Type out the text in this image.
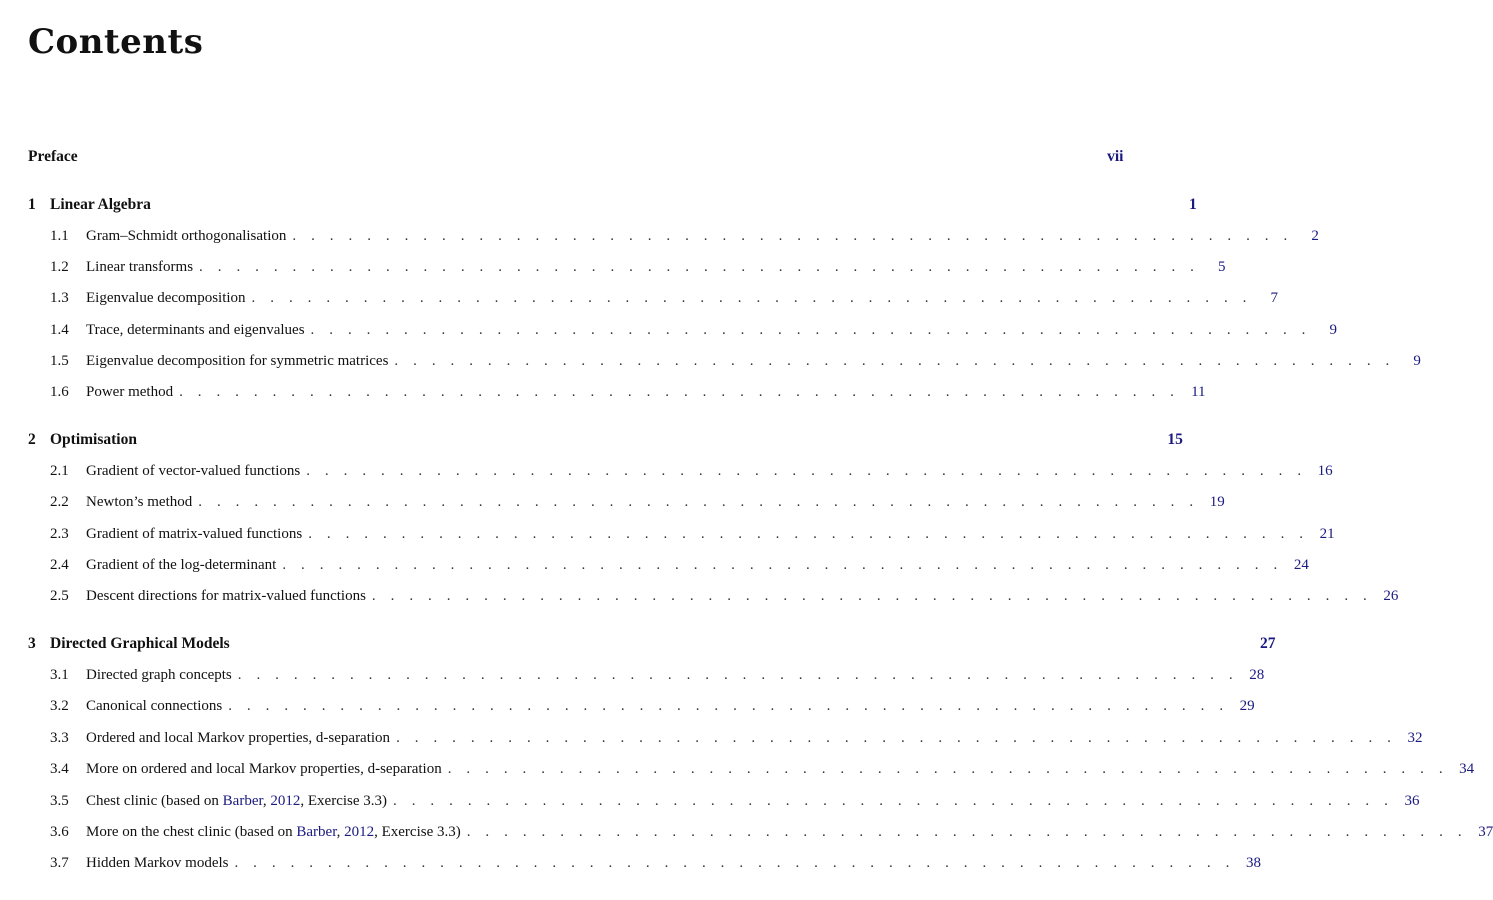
Contents
Preface	vii
1 Linear Algebra	1
1.1	Gram–Schmidt orthogonalisation . . . . . . . . . . . . . . . . . . . . . . . . . . . . . . . . . . . . . . . . . . . . . . . . . . . . . .	2
1.2	Linear transforms . . . . . . . . . . . . . . . . . . . . . . . . . . . . . . . . . . . . . . . . . . . . . . . . . . . . . .	5
1.3	Eigenvalue decomposition . . . . . . . . . . . . . . . . . . . . . . . . . . . . . . . . . . . . . . . . . . . . . . . . . . . . . .	7
1.4	Trace, determinants and eigenvalues . . . . . . . . . . . . . . . . . . . . . . . . . . . . . . . . . . . . . . . . . . . . . . . . . . . . . .	9
1.5	Eigenvalue decomposition for symmetric matrices . . . . . . . . . . . . . . . . . . . . . . . . . . . . . . . . . . . . . . . . . . . . . . . . . . . . . .	9
1.6	Power method . . . . . . . . . . . . . . . . . . . . . . . . . . . . . . . . . . . . . . . . . . . . . . . . . . . . . . 11
2 Optimisation	15
2.1	Gradient of vector-valued functions . . . . . . . . . . . . . . . . . . . . . . . . . . . . . . . . . . . . . . . . . . . . . . . . . . . . . . 16
2.2	Newton’s method . . . . . . . . . . . . . . . . . . . . . . . . . . . . . . . . . . . . . . . . . . . . . . . . . . . . . . 19
2.3	Gradient of matrix-valued functions . . . . . . . . . . . . . . . . . . . . . . . . . . . . . . . . . . . . . . . . . . . . . . . . . . . . . . 21
2.4	Gradient of the log-determinant . . . . . . . . . . . . . . . . . . . . . . . . . . . . . . . . . . . . . . . . . . . . . . . . . . . . . . 24
2.5	Descent directions for matrix-valued functions . . . . . . . . . . . . . . . . . . . . . . . . . . . . . . . . . . . . . . . . . . . . . . . . . . . . . . 26
3 Directed Graphical Models	27
3.1	Directed graph concepts . . . . . . . . . . . . . . . . . . . . . . . . . . . . . . . . . . . . . . . . . . . . . . . . . . . . . . 28
3.2	Canonical connections . . . . . . . . . . . . . . . . . . . . . . . . . . . . . . . . . . . . . . . . . . . . . . . . . . . . . . 29
3.3	Ordered and local Markov properties, d-separation . . . . . . . . . . . . . . . . . . . . . . . . . . . . . . . . . . . . . . . . . . . . . . . . . . . . . . 32
3.4	More on ordered and local Markov properties, d-separation . . . . . . . . . . . . . . . . . . . . . . . . . . . . . . . . . . . . . . . . . . . . . . . . . . . . . . 34
3.5	Chest clinic (based on Barber, 2012, Exercise 3.3) . . . . . . . . . . . . . . . . . . . . . . . . . . . . . . . . . . . . . . . . . . . . . . . . . . . . . . 36
3.6	More on the chest clinic (based on Barber, 2012, Exercise 3.3) . . . . . . . . . . . . . . . . . . . . . . . . . . . . . . . . . . . . . . . . . . . . . . . . . . . . . . 37
3.7	Hidden Markov models . . . . . . . . . . . . . . . . . . . . . . . . . . . . . . . . . . . . . . . . . . . . . . . . . . . . . . 38
